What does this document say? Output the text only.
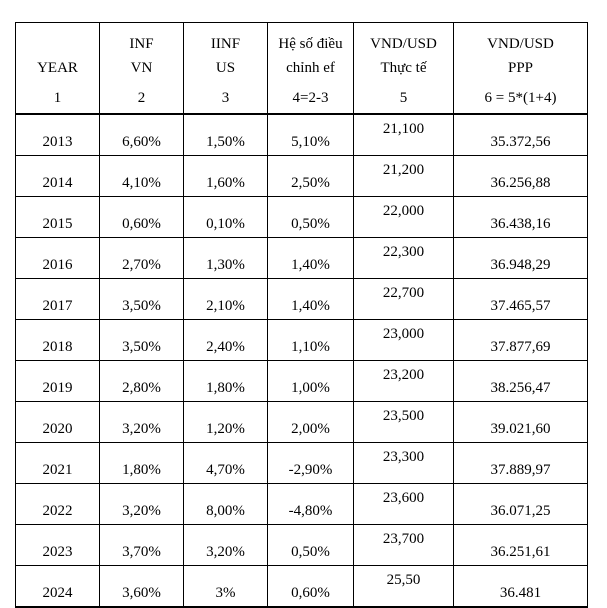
	INF	IINF	Hệ số điều	VND/USD	VND/USD
YEAR	VN	US	chỉnh ef	Thực tế	PPP
1	2	3	4=2-3	5	6 = 5*(1+4)
2013	6,60%	1,50%	5,10%	21,100	35.372,56
2014	4,10%	1,60%	2,50%	21,200	36.256,88
2015	0,60%	0,10%	0,50%	22,000	36.438,16
2016	2,70%	1,30%	1,40%	22,300	36.948,29
2017	3,50%	2,10%	1,40%	22,700	37.465,57
2018	3,50%	2,40%	1,10%	23,000	37.877,69
2019	2,80%	1,80%	1,00%	23,200	38.256,47
2020	3,20%	1,20%	2,00%	23,500	39.021,60
2021	1,80%	4,70%	-2,90%	23,300	37.889,97
2022	3,20%	8,00%	-4,80%	23,600	36.071,25
2023	3,70%	3,20%	0,50%	23,700	36.251,61
2024	3,60%	3%	0,60%	25,50	36.481
